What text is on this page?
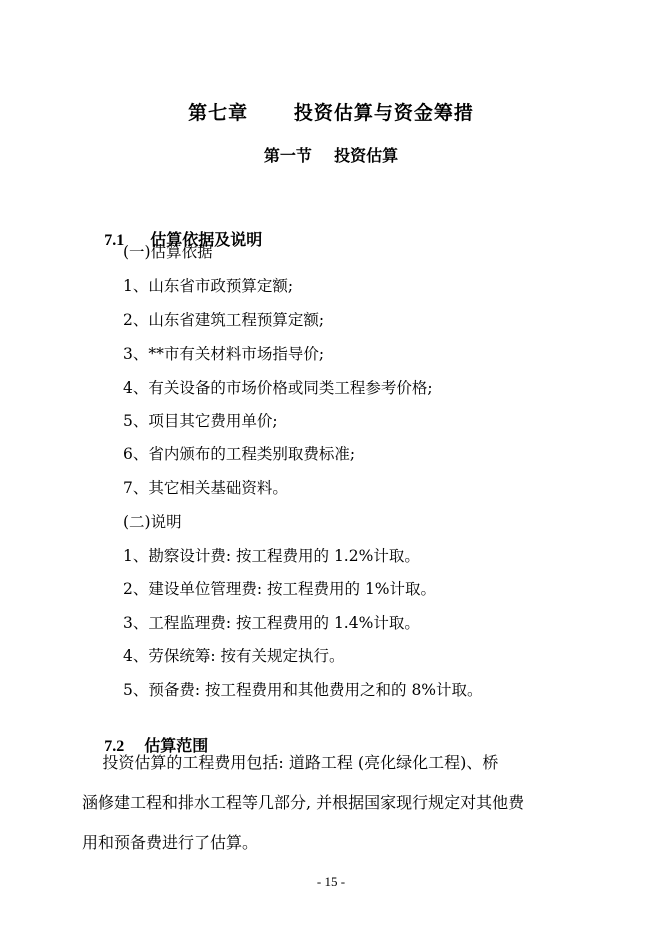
第七章      投资估算与资金筹措
第一节    投资估算

7.1 估算依据及说明

(一)估算依据
1、山东省市政预算定额;
2、山东省建筑工程预算定额;
3、**市有关材料市场指导价;
4、有关设备的市场价格或同类工程参考价格;
5、项目其它费用单价;
6、省内颁布的工程类别取费标准;
7、其它相关基础资料。
(二)说明
1、勘察设计费: 按工程费用的 1.2%计取。
2、建设单位管理费: 按工程费用的 1%计取。
3、工程监理费: 按工程费用的 1.4%计取。
4、劳保统筹: 按有关规定执行。
5、预备费: 按工程费用和其他费用之和的 8%计取。

7.2 估算范围

投资估算的工程费用包括: 道路工程 (亮化绿化工程)、桥
涵修建工程和排水工程等几部分, 并根据国家现行规定对其他费
用和预备费进行了估算。
- 15 -
